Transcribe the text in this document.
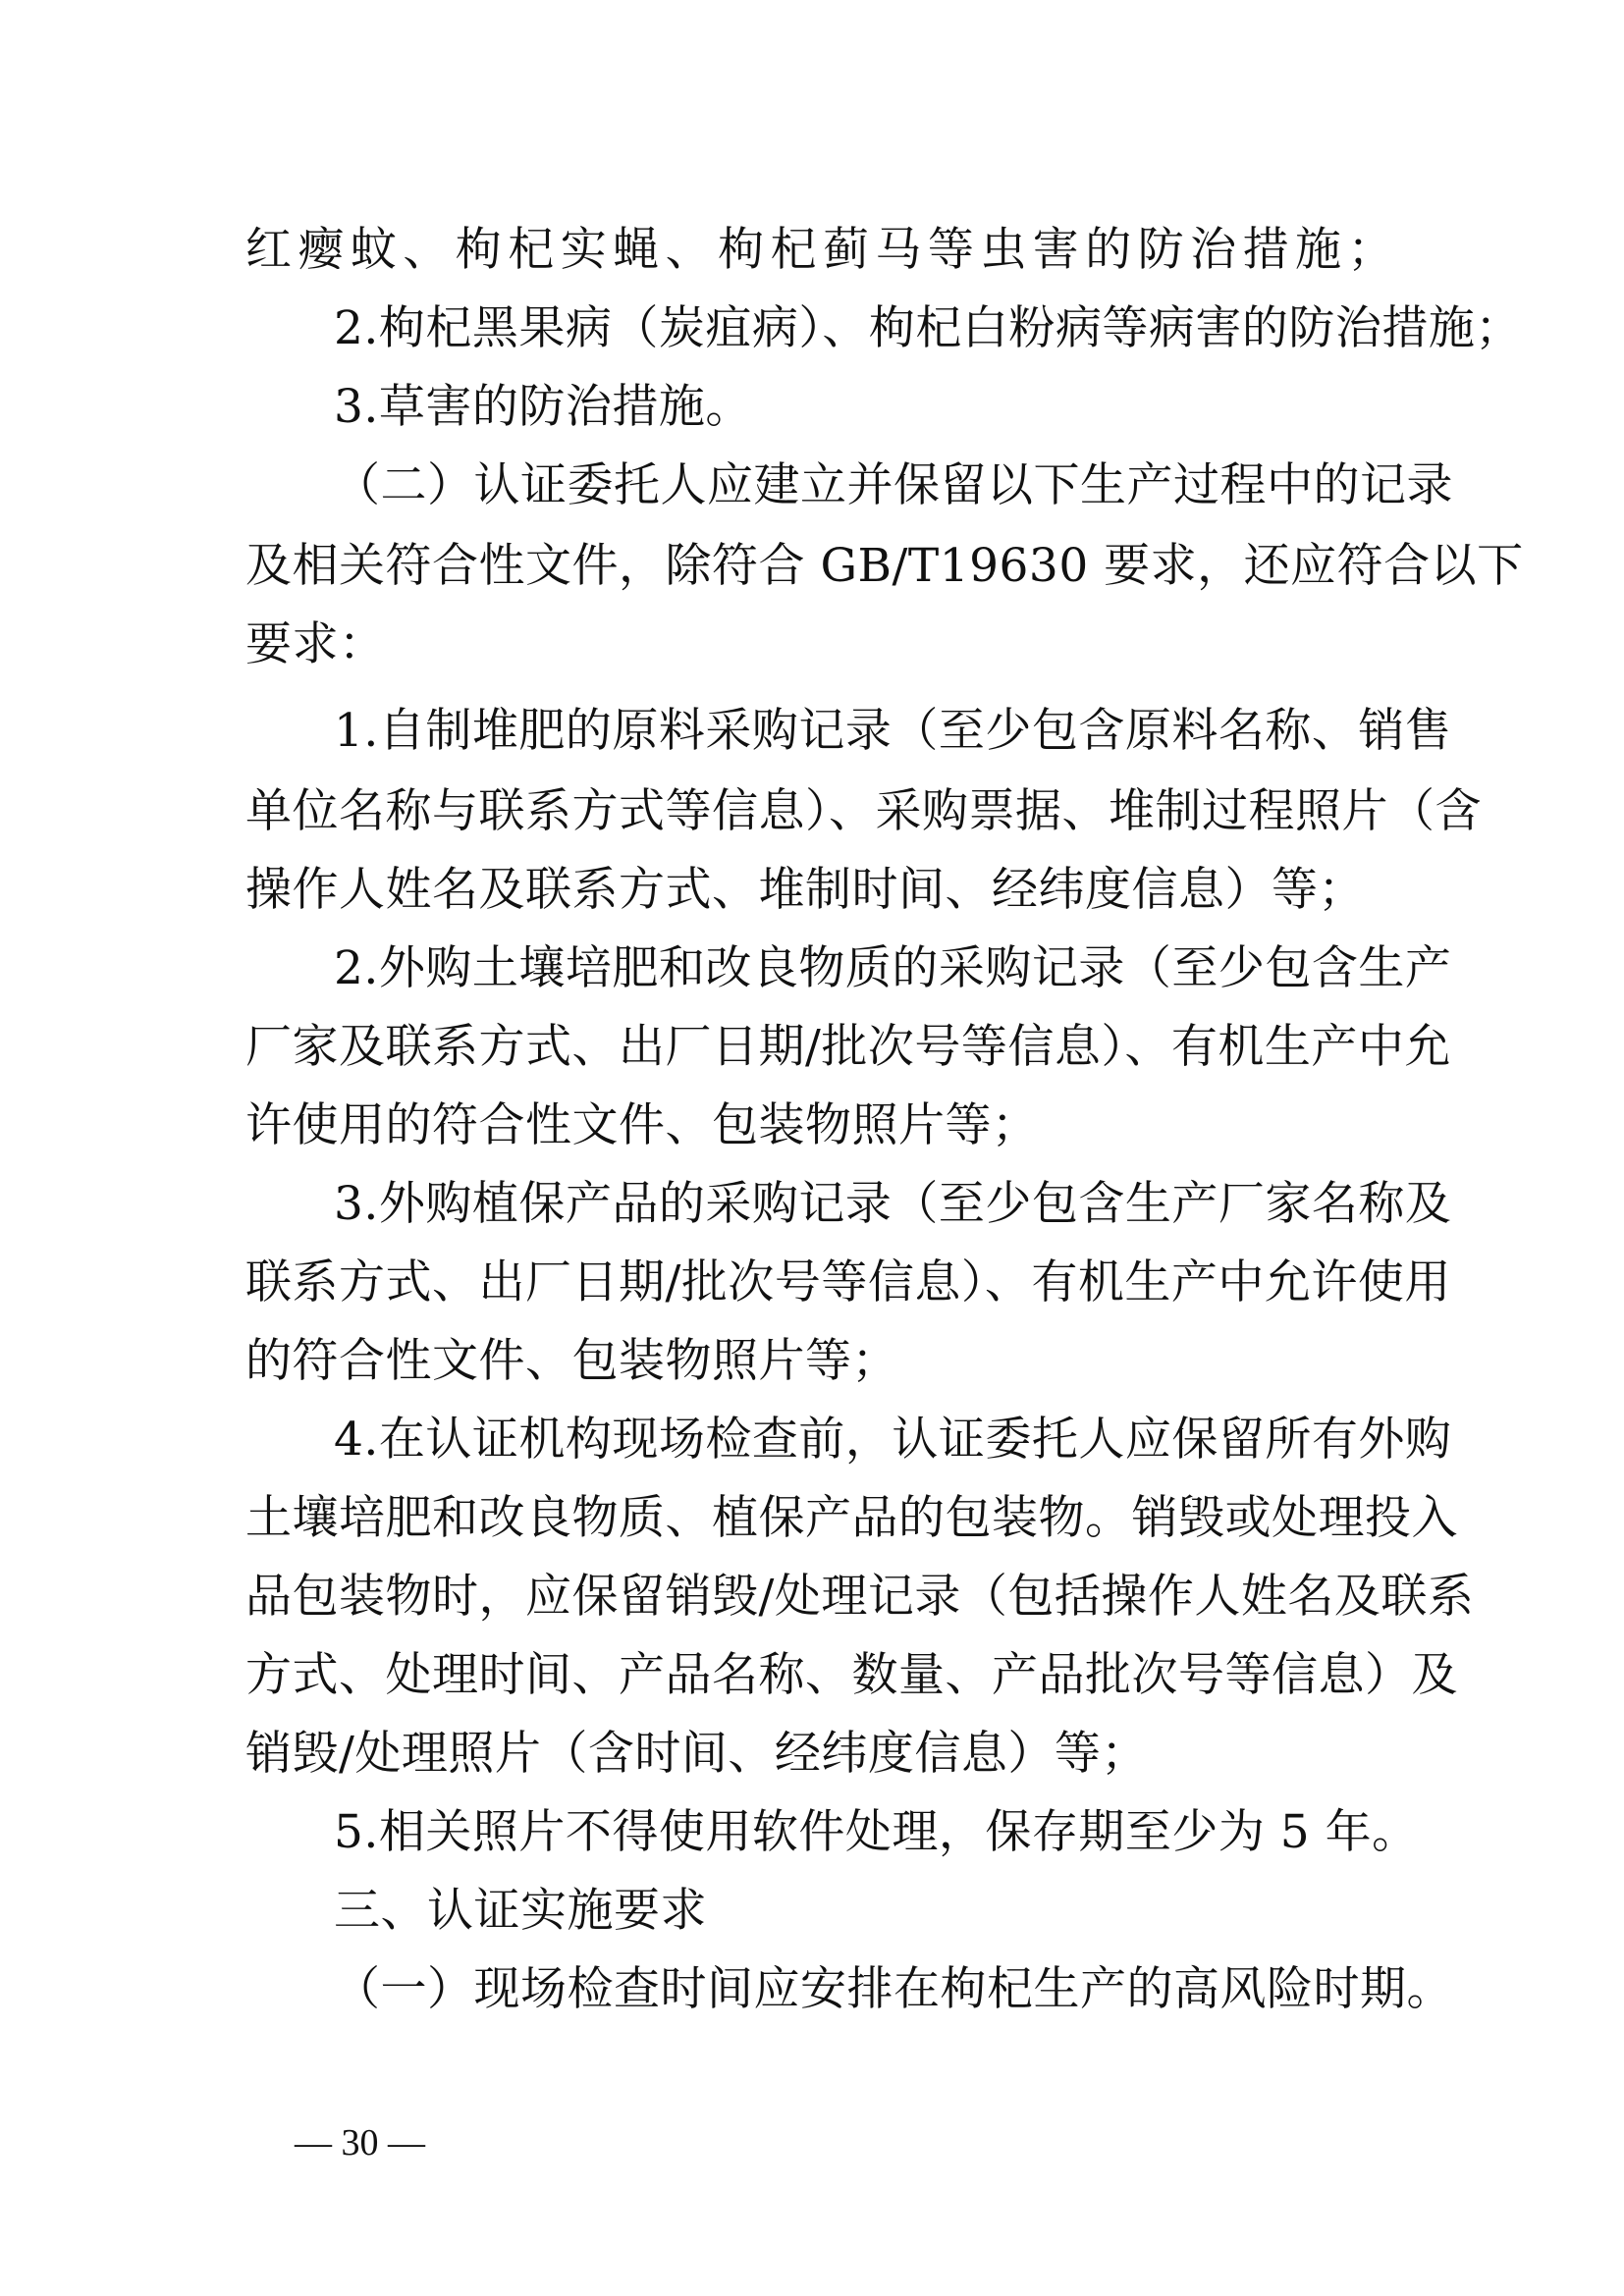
红瘿蚊、枸杞实蝇、枸杞蓟马等虫害的防治措施；
2.枸杞黑果病（炭疽病）、枸杞白粉病等病害的防治措施；
3.草害的防治措施。
（二）认证委托人应建立并保留以下生产过程中的记录
及相关符合性文件，除符合 GB/T19630 要求，还应符合以下
要求：
1.自制堆肥的原料采购记录（至少包含原料名称、销售
单位名称与联系方式等信息）、采购票据、堆制过程照片（含
操作人姓名及联系方式、堆制时间、经纬度信息）等；
2.外购土壤培肥和改良物质的采购记录（至少包含生产
厂家及联系方式、出厂日期/批次号等信息）、有机生产中允
许使用的符合性文件、包装物照片等；
3.外购植保产品的采购记录（至少包含生产厂家名称及
联系方式、出厂日期/批次号等信息）、有机生产中允许使用
的符合性文件、包装物照片等；
4.在认证机构现场检查前，认证委托人应保留所有外购
土壤培肥和改良物质、植保产品的包装物。销毁或处理投入
品包装物时，应保留销毁/处理记录（包括操作人姓名及联系
方式、处理时间、产品名称、数量、产品批次号等信息）及
销毁/处理照片（含时间、经纬度信息）等；
5.相关照片不得使用软件处理，保存期至少为 5 年。
三、认证实施要求
（一）现场检查时间应安排在枸杞生产的高风险时期。
— 30 —
